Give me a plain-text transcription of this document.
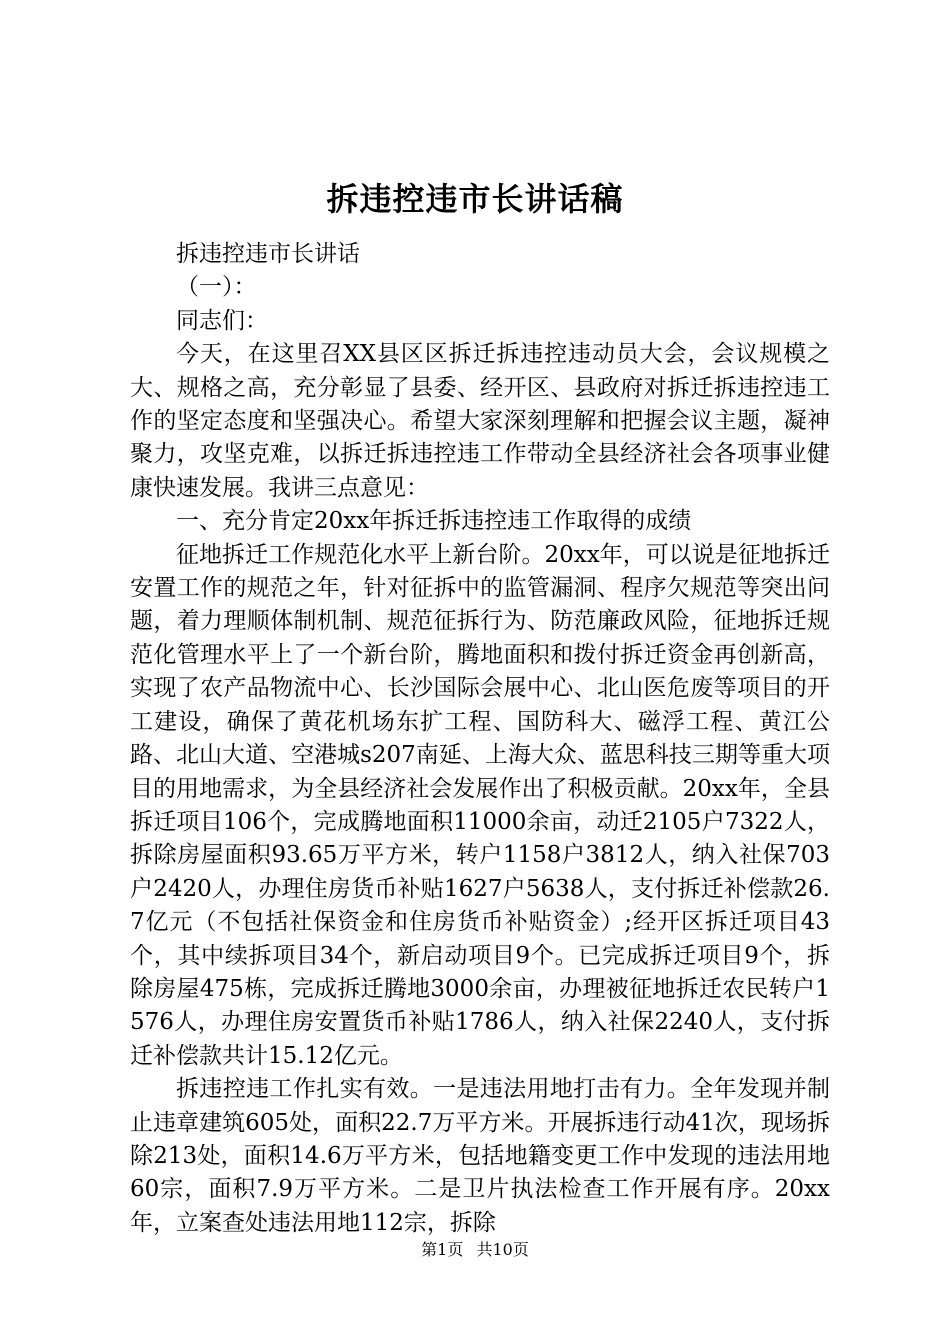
拆违控违市长讲话稿

拆违控违市长讲话

（一）：

同志们：

今天，在这里召XX县区区拆迁拆违控违动员大会，会议规模之大、规格之高，充分彰显了县委、经开区、县政府对拆迁拆违控违工作的坚定态度和坚强决心。希望大家深刻理解和把握会议主题，凝神聚力，攻坚克难，以拆迁拆违控违工作带动全县经济社会各项事业健康快速发展。我讲三点意见：

一、充分肯定20xx年拆迁拆违控违工作取得的成绩

征地拆迁工作规范化水平上新台阶。20xx年，可以说是征地拆迁安置工作的规范之年，针对征拆中的监管漏洞、程序欠规范等突出问题，着力理顺体制机制、规范征拆行为、防范廉政风险，征地拆迁规范化管理水平上了一个新台阶，腾地面积和拨付拆迁资金再创新高，实现了农产品物流中心、长沙国际会展中心、北山医危废等项目的开工建设，确保了黄花机场东扩工程、国防科大、磁浮工程、黄江公路、北山大道、空港城s207南延、上海大众、蓝思科技三期等重大项目的用地需求，为全县经济社会发展作出了积极贡献。20xx年，全县拆迁项目106个，完成腾地面积11000余亩，动迁2105户7322人，拆除房屋面积93.65万平方米，转户1158户3812人，纳入社保703户2420人，办理住房货币补贴1627户5638人，支付拆迁补偿款26.7亿元（不包括社保资金和住房货币补贴资金）;经开区拆迁项目43个，其中续拆项目34个，新启动项目9个。已完成拆迁项目9个，拆除房屋475栋，完成拆迁腾地3000余亩，办理被征地拆迁农民转户1576人，办理住房安置货币补贴1786人，纳入社保2240人，支付拆迁补偿款共计15.12亿元。

拆违控违工作扎实有效。一是违法用地打击有力。全年发现并制止违章建筑605处，面积22.7万平方米。开展拆违行动41次，现场拆除213处，面积14.6万平方米，包括地籍变更工作中发现的违法用地60宗，面积7.9万平方米。二是卫片执法检查工作开展有序。20xx年，立案查处违法用地112宗，拆除

第1页 共10页
